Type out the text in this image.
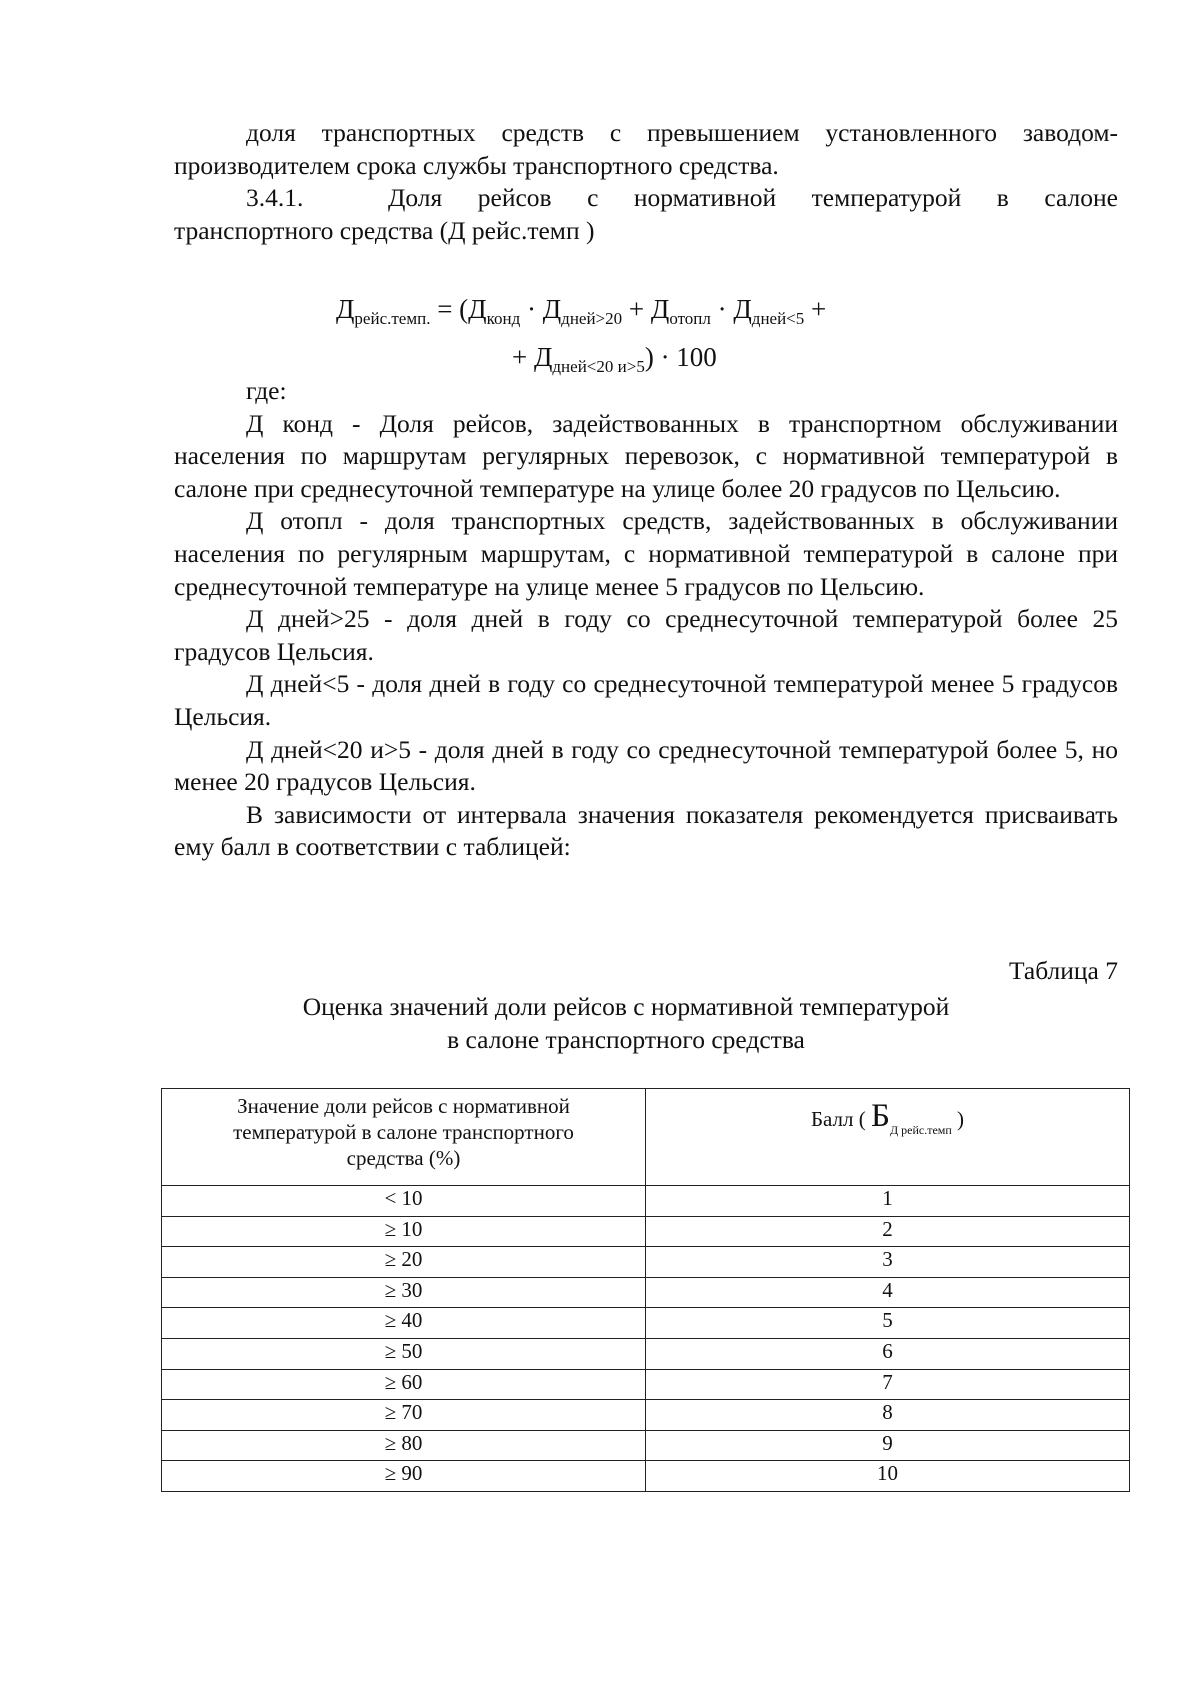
доля транспортных средств с превышением установленного заводом-производителем срока службы транспортного средства.

3.4.1.	Доля рейсов с нормативной температурой в салоне

транспортного средства (Д рейс.темп )

$Д_{рейс.темп.} = (Д_{конд} \cdot Д_{дней>20} + Д_{отопл} \cdot Д_{дней<5}$ +
+ $Д_{дней<20 и>5}) \cdot 100$

где:

Д конд - Доля рейсов, задействованных в транспортном обслуживании населения по маршрутам регулярных перевозок, с нормативной температурой в салоне при среднесуточной температуре на улице более 20 градусов по Цельсию.

Д отопл - доля транспортных средств, задействованных в обслуживании населения по регулярным маршрутам, с нормативной температурой в салоне при среднесуточной температуре на улице менее 5 градусов по Цельсию.

Д дней>25 - доля дней в году со среднесуточной температурой более 25 градусов Цельсия.

Д дней<5 - доля дней в году со среднесуточной температурой менее 5 градусов Цельсия.

Д дней<20 и>5 - доля дней в году со среднесуточной температурой более 5, но менее 20 градусов Цельсия.

В зависимости от интервала значения показателя рекомендуется присваивать ему балл в соответствии с таблицей:

Таблица 7
Оценка значений доли рейсов с нормативной температурой
в салоне транспортного средства
Значение доли рейсов с нормативной температурой в салоне транспортного средства (%)	Балл ( $Б_{Д рейс.темп}$ )

< 10	1
≥ 10	2
≥ 20	3
≥ 30	4
≥ 40	5
≥ 50	6
≥ 60	7
≥ 70	8
≥ 80	9
≥ 90	10
